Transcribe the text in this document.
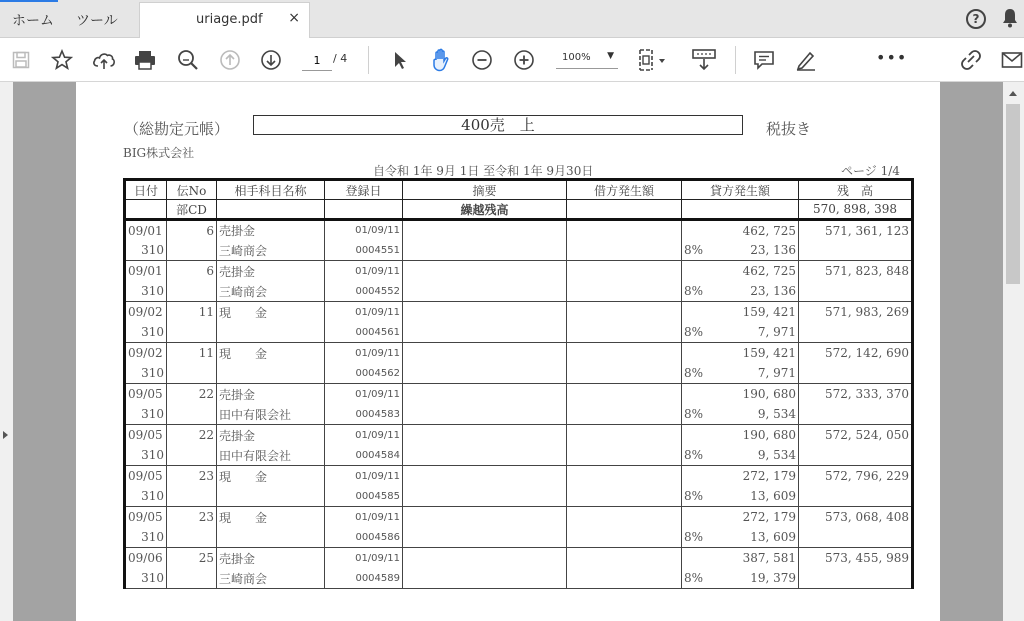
ホーム ツール	uriage.pdf ×	?
1
/ 4	100% ▼	•••
（総勘定元帳）	400売　上	税抜き
BIG株式会社
自令和 1年 9月 1日 至令和 1年 9月30日	ページ 1/4
日付	伝No	相手科目名称	登録日	摘要	借方発生額	貸方発生額	残　高
	部CD			繰越残高			570, 898, 398
09/01	6	売掛金	01/09/11			462, 725	571, 361, 123
310		三崎商会	0004551			8% 23, 136	
09/01	6	売掛金	01/09/11			462, 725	571, 823, 848
310		三崎商会	0004552			8% 23, 136	
09/02	11	現　　金	01/09/11			159, 421	571, 983, 269
310			0004561			8% 7, 971	
09/02	11	現　　金	01/09/11			159, 421	572, 142, 690
310			0004562			8% 7, 971	
09/05	22	売掛金	01/09/11			190, 680	572, 333, 370
310		田中有限会社	0004583			8% 9, 534	
09/05	22	売掛金	01/09/11			190, 680	572, 524, 050
310		田中有限会社	0004584			8% 9, 534	
09/05	23	現　　金	01/09/11			272, 179	572, 796, 229
310			0004585			8% 13, 609	
09/05	23	現　　金	01/09/11			272, 179	573, 068, 408
310			0004586			8% 13, 609	
09/06	25	売掛金	01/09/11			387, 581	573, 455, 989
310		三崎商会	0004589			8% 19, 379	
